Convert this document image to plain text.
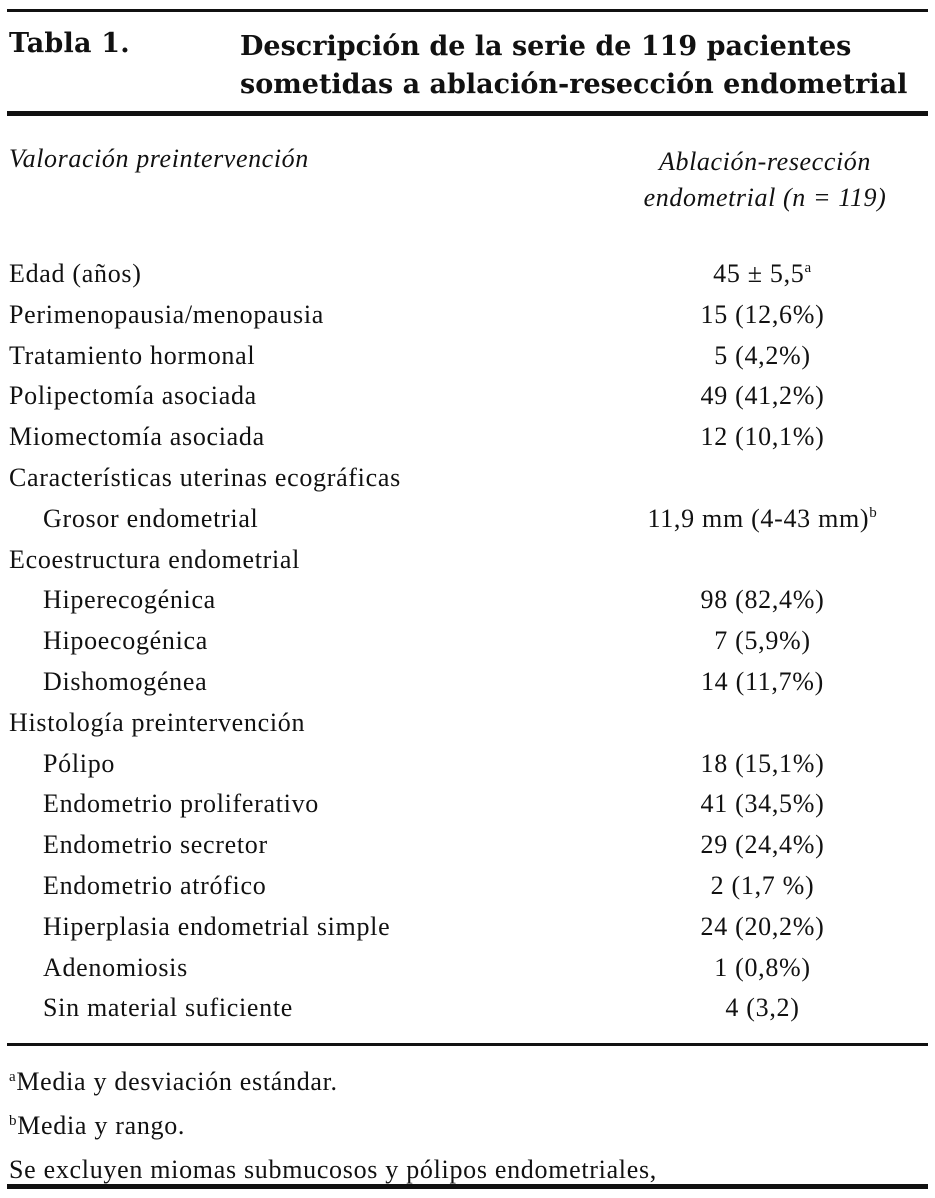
Tabla 1.	Descripción de la serie de 119 pacientes
sometidas a ablación-resección endometrial
Valoración preintervención	Ablación-resección
endometrial (n = 119)
Edad (años)	45 ± 5,5$^a$
Perimenopausia/menopausia	15 (12,6%)
Tratamiento hormonal	5 (4,2%)
Polipectomía asociada	49 (41,2%)
Miomectomía asociada	12 (10,1%)
Características uterinas ecográficas
Grosor endometrial	11,9 mm (4-43 mm)$^b$
Ecoestructura endometrial
Hiperecogénica	98 (82,4%)
Hipoecogénica	7 (5,9%)
Dishomogénea	14 (11,7%)
Histología preintervención
Pólipo	18 (15,1%)
Endometrio proliferativo	41 (34,5%)
Endometrio secretor	29 (24,4%)
Endometrio atrófico	2 (1,7 %)
Hiperplasia endometrial simple	24 (20,2%)
Adenomiosis	1 (0,8%)
Sin material suficiente	4 (3,2)
$^a$Media y desviación estándar.
$^b$Media y rango.
Se excluyen miomas submucosos y pólipos endometriales,
